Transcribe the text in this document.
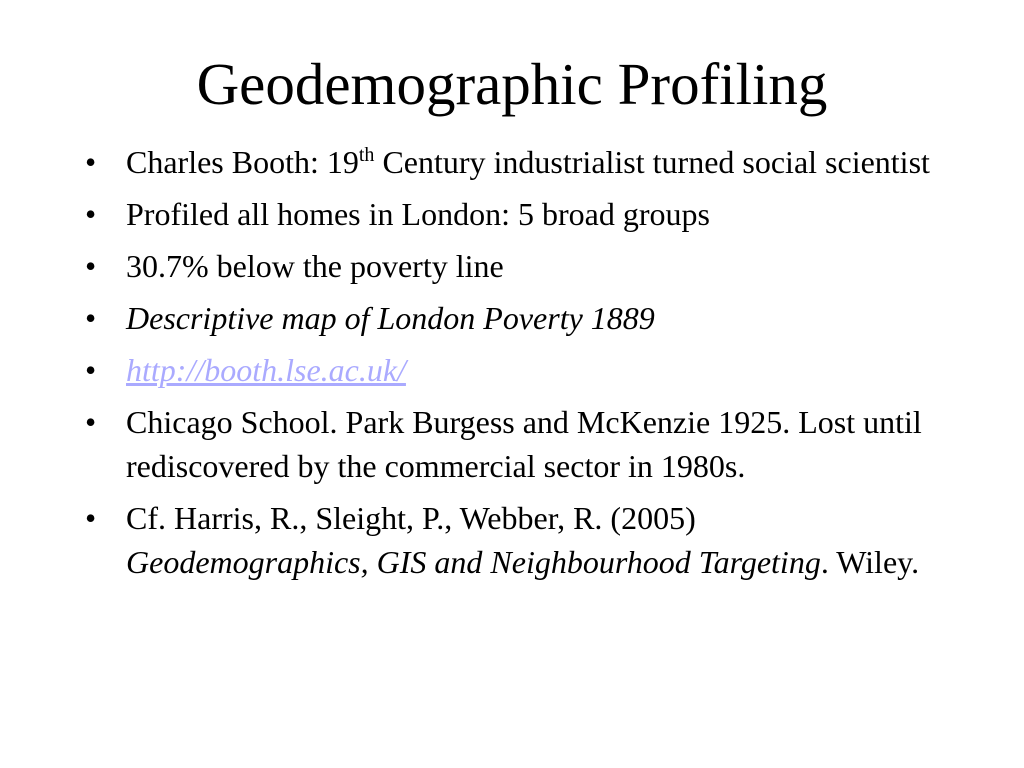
Geodemographic Profiling
• Charles Booth: 19th Century industrialist turned social scientist
• Profiled all homes in London: 5 broad groups
• 30.7% below the poverty line
• Descriptive map of London Poverty 1889
• http://booth.lse.ac.uk/
• Chicago School. Park Burgess and McKenzie 1925. Lost until rediscovered by the commercial sector in 1980s.
• Cf. Harris, R., Sleight, P., Webber, R. (2005) Geodemographics, GIS and Neighbourhood Targeting. Wiley.
